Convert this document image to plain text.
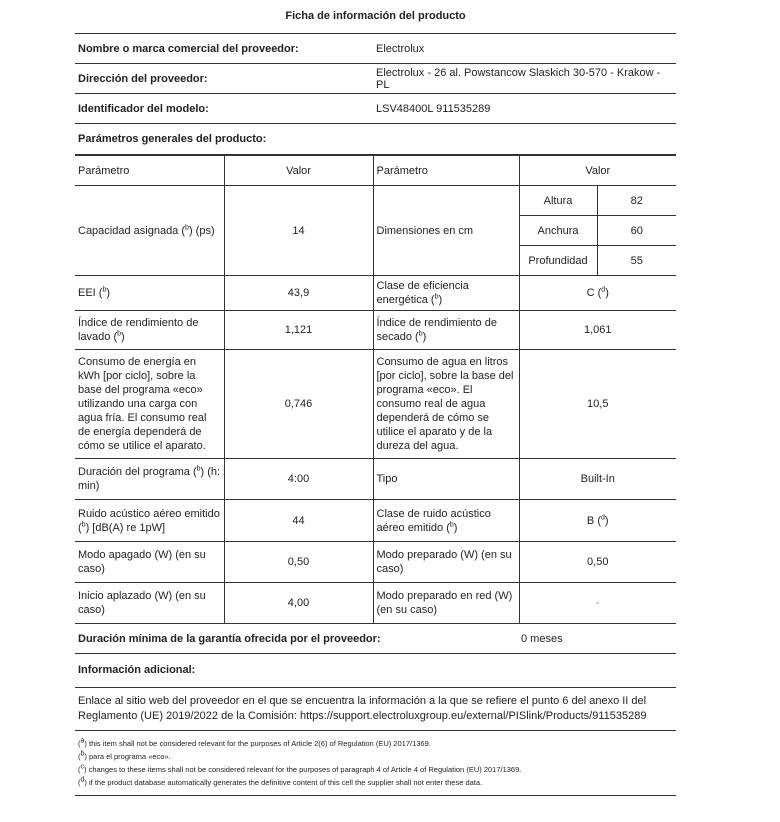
Ficha de información del producto
Nombre o marca comercial del proveedor:	Electrolux
Dirección del proveedor:	Electrolux - 26 al. Powstancow Slaskich 30-570 - Krakow - PL
Identificador del modelo:	LSV48400L 911535289
Parámetros generales del producto:
Parámetro	Valor	Parámetro	Valor	
Capacidad asignada ($^b$) (ps)	14	Dimensiones en cm	Altura	82
			Anchura	60
			Profundidad	55
EEI ($^b$)	43,9	Clase de eficiencia energética ($^b$)	C ($^d$)	
Índice de rendimiento de lavado ($^b$)	1,121	Índice de rendimiento de secado ($^b$)	1,061	
Consumo de energía en kWh [por ciclo], sobre la base del programa «eco» utilizando una carga con agua fría. El consumo real de energía dependerá de cómo se utilice el aparato.	0,746	Consumo de agua en litros [por ciclo], sobre la base del programa «eco». El consumo real de agua dependerá de cómo se utilice el aparato y de la dureza del agua.	10,5	
Duración del programa ($^b$) (h: min)	4:00	Tipo	Built-In	
Ruido acústico aéreo emitido ($^b$) [dB(A) re 1pW]	44	Clase de ruido acústico aéreo emitido ($^b$)	B ($^d$)	
Modo apagado (W) (en su caso)	0,50	Modo preparado (W) (en su caso)	0,50	
Inicio aplazado (W) (en su caso)	4,00	Modo preparado en red (W) (en su caso)	-	
Duración mínima de la garantía ofrecida por el proveedor:	0 meses
Información adicional:
Enlace al sitio web del proveedor en el que se encuentra la información a la que se refiere el punto 6 del anexo II del Reglamento (UE) 2019/2022 de la Comisión: https://support.electroluxgroup.eu/external/PISlink/Products/911535289
($^a$) this item shall not be considered relevant for the purposes of Article 2(6) of Regulation (EU) 2017/1369.
($^b$) para el programa «eco».
($^c$) changes to these items shall not be considered relevant for the purposes of paragraph 4 of Article 4 of Regulation (EU) 2017/1369.
($^d$) if the product database automatically generates the definitive content of this cell the supplier shall not enter these data.
